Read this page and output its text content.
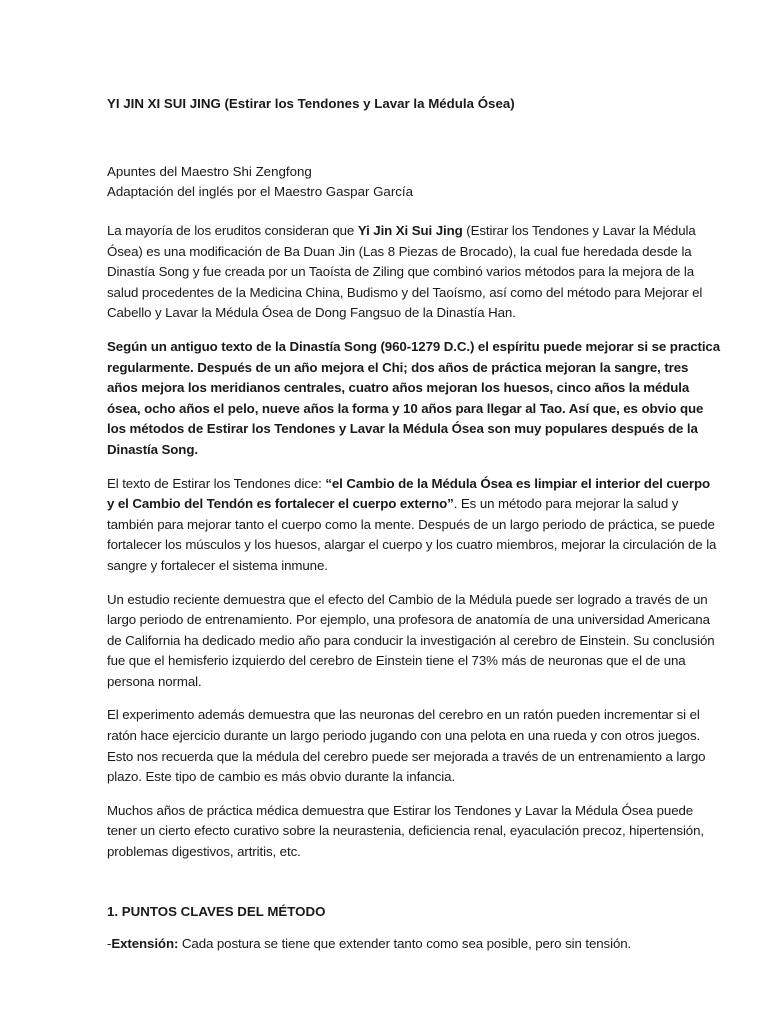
YI JIN XI SUI JING (Estirar los Tendones y Lavar la Médula Ósea)
Apuntes del Maestro Shi Zengfong
Adaptación del inglés por el Maestro Gaspar García

La mayoría de los eruditos consideran que Yi Jin Xi Sui Jing (Estirar los Tendones y Lavar la Médula Ósea) es una modificación de Ba Duan Jin (Las 8 Piezas de Brocado), la cual fue heredada desde la Dinastía Song y fue creada por un Taoísta de Ziling que combinó varios métodos para la mejora de la salud procedentes de la Medicina China, Budismo y del Taoísmo, así como del método para Mejorar el Cabello y Lavar la Médula Ósea de Dong Fangsuo de la Dinastía Han.

Según un antiguo texto de la Dinastía Song (960-1279 D.C.) el espíritu puede mejorar si se practica regularmente. Después de un año mejora el Chi; dos años de práctica mejoran la sangre, tres años mejora los meridianos centrales, cuatro años mejoran los huesos, cinco años la médula ósea, ocho años el pelo, nueve años la forma y 10 años para llegar al Tao. Así que, es obvio que los métodos de Estirar los Tendones y Lavar la Médula Ósea son muy populares después de la Dinastía Song.

El texto de Estirar los Tendones dice: “el Cambio de la Médula Ósea es limpiar el interior del cuerpo y el Cambio del Tendón es fortalecer el cuerpo externo”. Es un método para mejorar la salud y también para mejorar tanto el cuerpo como la mente. Después de un largo periodo de práctica, se puede fortalecer los músculos y los huesos, alargar el cuerpo y los cuatro miembros, mejorar la circulación de la sangre y fortalecer el sistema inmune.

Un estudio reciente demuestra que el efecto del Cambio de la Médula puede ser logrado a través de un largo periodo de entrenamiento. Por ejemplo, una profesora de anatomía de una universidad Americana de California ha dedicado medio año para conducir la investigación al cerebro de Einstein. Su conclusión fue que el hemisferio izquierdo del cerebro de Einstein tiene el 73% más de neuronas que el de una persona normal.

El experimento además demuestra que las neuronas del cerebro en un ratón pueden incrementar si el ratón hace ejercicio durante un largo periodo jugando con una pelota en una rueda y con otros juegos. Esto nos recuerda que la médula del cerebro puede ser mejorada a través de un entrenamiento a largo plazo. Este tipo de cambio es más obvio durante la infancia.

Muchos años de práctica médica demuestra que Estirar los Tendones y Lavar la Médula Ósea puede tener un cierto efecto curativo sobre la neurastenia, deficiencia renal, eyaculación precoz, hipertensión, problemas digestivos, artritis, etc.

1. PUNTOS CLAVES DEL MÉTODO

-Extensión: Cada postura se tiene que extender tanto como sea posible, pero sin tensión.
